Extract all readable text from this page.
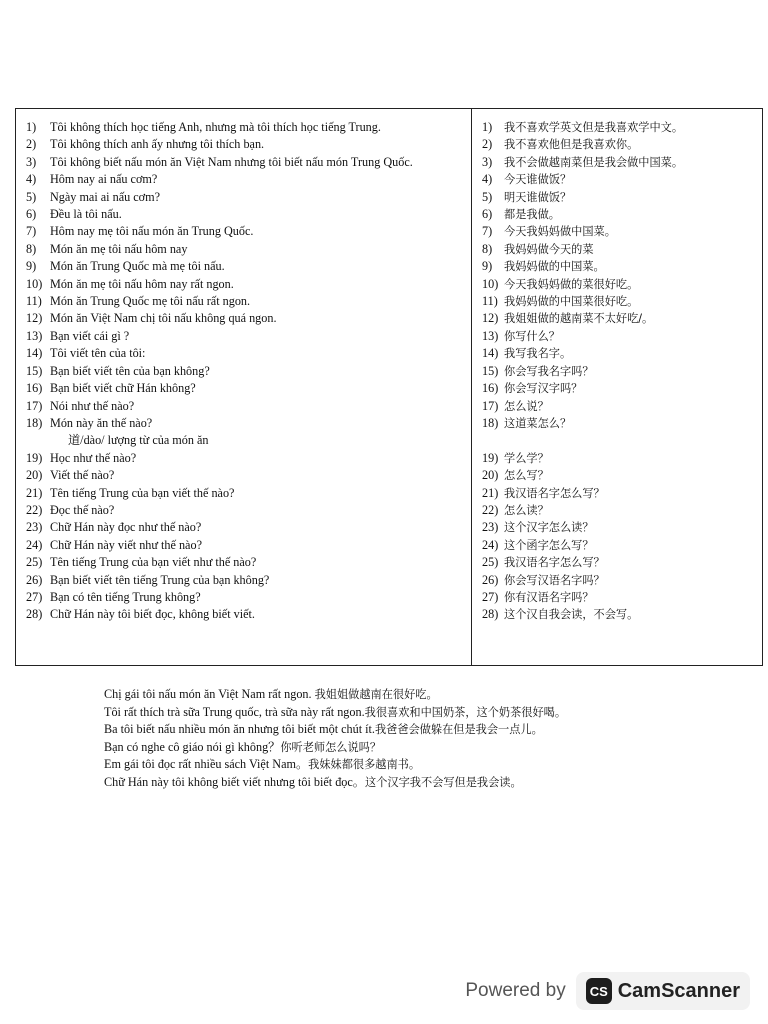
1) Tôi không thích học tiếng Anh, nhưng mà tôi thích học tiếng Trung.
2) Tôi không thích anh ấy nhưng tôi thích bạn.
3) Tôi không biết nấu món ăn Việt Nam nhưng tôi biết nấu món Trung Quốc.
4) Hôm nay ai nấu cơm?
5) Ngày mai ai nấu cơm?
6) Đều là tôi nấu.
7) Hôm nay mẹ tôi nấu món ăn Trung Quốc.
8) Món ăn mẹ tôi nấu hôm nay
9) Món ăn Trung Quốc mà mẹ tôi nấu.
10) Món ăn mẹ tôi nấu hôm nay rất ngon.
11) Món ăn Trung Quốc mẹ tôi nấu rất ngon.
12) Món ăn Việt Nam chị tôi nấu không quá ngon.
13) Bạn viết cái gì ?
14) Tôi viết tên của tôi:
15) Bạn biết viết tên của bạn không?
16) Bạn biết viết chữ Hán không?
17) Nói như thế nào?
18) Món này ăn thế nào?
道/dào/ lượng từ của món ăn
19) Học như thế nào?
20) Viết thế nào?
21) Tên tiếng Trung của bạn viết thế nào?
22) Đọc thế nào?
23) Chữ Hán này đọc như thế nào?
24) Chữ Hán này viết như thế nào?
25) Tên tiếng Trung của bạn viết như thế nào?
26) Bạn biết viết tên tiếng Trung của bạn không?
27) Bạn có tên tiếng Trung không?
28) Chữ Hán này tôi biết đọc, không biết viết.
1) 我不喜欢学英文但是我喜欢学中文。
2) 我不喜欢他但是我喜欢你。
3) 我不会做越南菜但是我会做中国菜。
4) 今天谁做饭？
5) 明天谁做饭？
6) 都是我做。
7) 今天我妈妈做中国菜。
8) 我妈妈做今天的菜
9) 我妈妈做的中国菜。
10) 今天我妈妈做的菜很好吃。
11) 我妈妈做的中国菜很好吃。
12) 我姐姐做的越南菜不太好吃/。
13) 你写什么？
14) 我写我名字。
15) 你会写我名字吗？
16) 你会写汉字吗？
17) 怎么说？
18) 这道菜怎么？
19) 学么学？
20) 怎么写？
21) 我汉语名字怎么写？
22) 怎么读？
23) 这个汉字怎么读？
24) 这个函字怎么写？
25) 我汉语名字怎么写？
26) 你会写汉语名字吗？
27) 你有汉语名字吗？
28) 这个汉自我会读，不会写。
Chị gái tôi nấu món ăn Việt Nam rất ngon. 我姐姐做越南在很好吃。
Tôi rất thích trà sữa Trung quốc, trà sữa này rất ngon.我很喜欢和中国奶茶，这个奶茶很好喝。
Ba tôi biết nấu nhiều món ăn nhưng tôi biết một chút ít.我爸爸会做躲在但是我会一点儿。
Bạn có nghe cô giáo nói gì không？你听老师怎么说吗？
Em gái tôi đọc rất nhiều sách Việt Nam。我妹妹都很多越南书。
Chữ Hán này tôi không biết viết nhưng tôi biết đọc。这个汉字我不会写但是我会读。
Powered by	CS CamScanner
